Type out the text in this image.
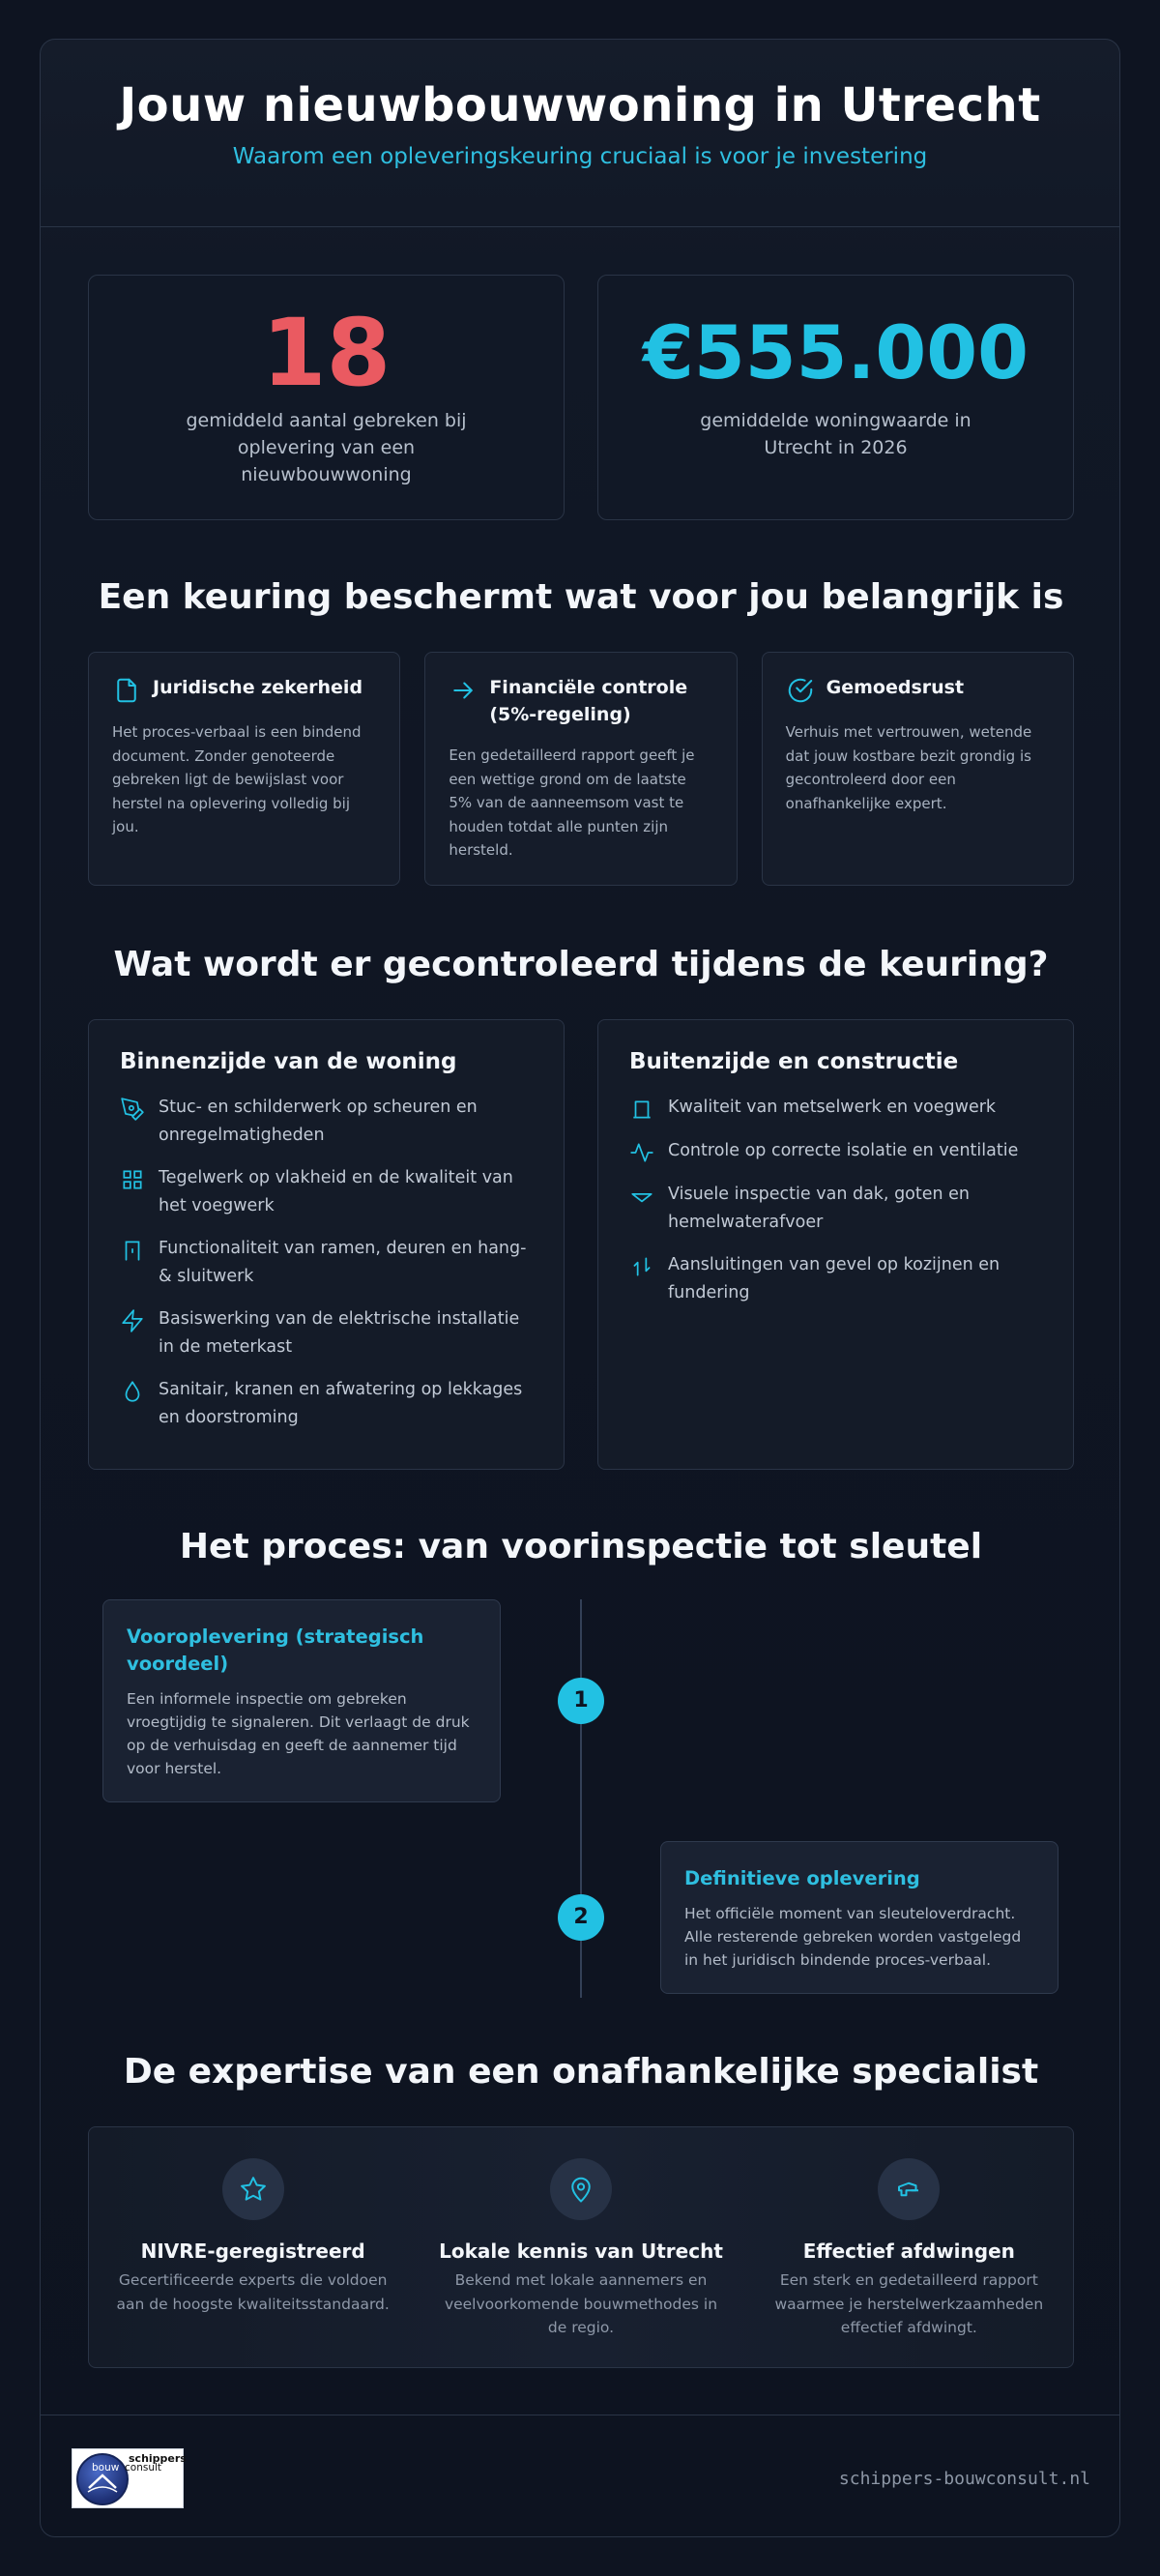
Jouw nieuwbouwwoning in Utrecht
Waarom een opleveringskeuring cruciaal is voor je investering
18
gemiddeld aantal gebreken bij oplevering van een nieuwbouwwoning
€555.000
gemiddelde woningwaarde in Utrecht in 2026
Een keuring beschermt wat voor jou belangrijk is
Juridische zekerheid
Het proces-verbaal is een bindend document. Zonder genoteerde gebreken ligt de bewijslast voor herstel na oplevering volledig bij jou.
Financiële controle (5%-regeling)
Een gedetailleerd rapport geeft je een wettige grond om de laatste 5% van de aanneemsom vast te houden totdat alle punten zijn hersteld.
Gemoedsrust
Verhuis met vertrouwen, wetende dat jouw kostbare bezit grondig is gecontroleerd door een onafhankelijke expert.
Wat wordt er gecontroleerd tijdens de keuring?
Binnenzijde van de woning
Stuc- en schilderwerk op scheuren en onregelmatigheden
Tegelwerk op vlakheid en de kwaliteit van het voegwerk
Functionaliteit van ramen, deuren en hang- & sluitwerk
Basiswerking van de elektrische installatie in de meterkast
Sanitair, kranen en afwatering op lekkages en doorstroming
Buitenzijde en constructie
Kwaliteit van metselwerk en voegwerk
Controle op correcte isolatie en ventilatie
Visuele inspectie van dak, goten en hemelwaterafvoer
Aansluitingen van gevel op kozijnen en fundering
Het proces: van voorinspectie tot sleutel
Vooroplevering (strategisch voordeel)
Een informele inspectie om gebreken vroegtijdig te signaleren. Dit verlaagt de druk op de verhuisdag en geeft de aannemer tijd voor herstel.
1
2
Definitieve oplevering
Het officiële moment van sleuteloverdracht. Alle resterende gebreken worden vastgelegd in het juridisch bindende proces-verbaal.
De expertise van een onafhankelijke specialist
NIVRE-geregistreerd
Gecertificeerde experts die voldoen aan de hoogste kwaliteitsstandaard.
Lokale kennis van Utrecht
Bekend met lokale aannemers en veelvoorkomende bouwmethodes in de regio.
Effectief afdwingen
Een sterk en gedetailleerd rapport waarmee je herstelwerkzaamheden effectief afdwingt.
schippers
bouw consult
schippers-bouwconsult.nl
